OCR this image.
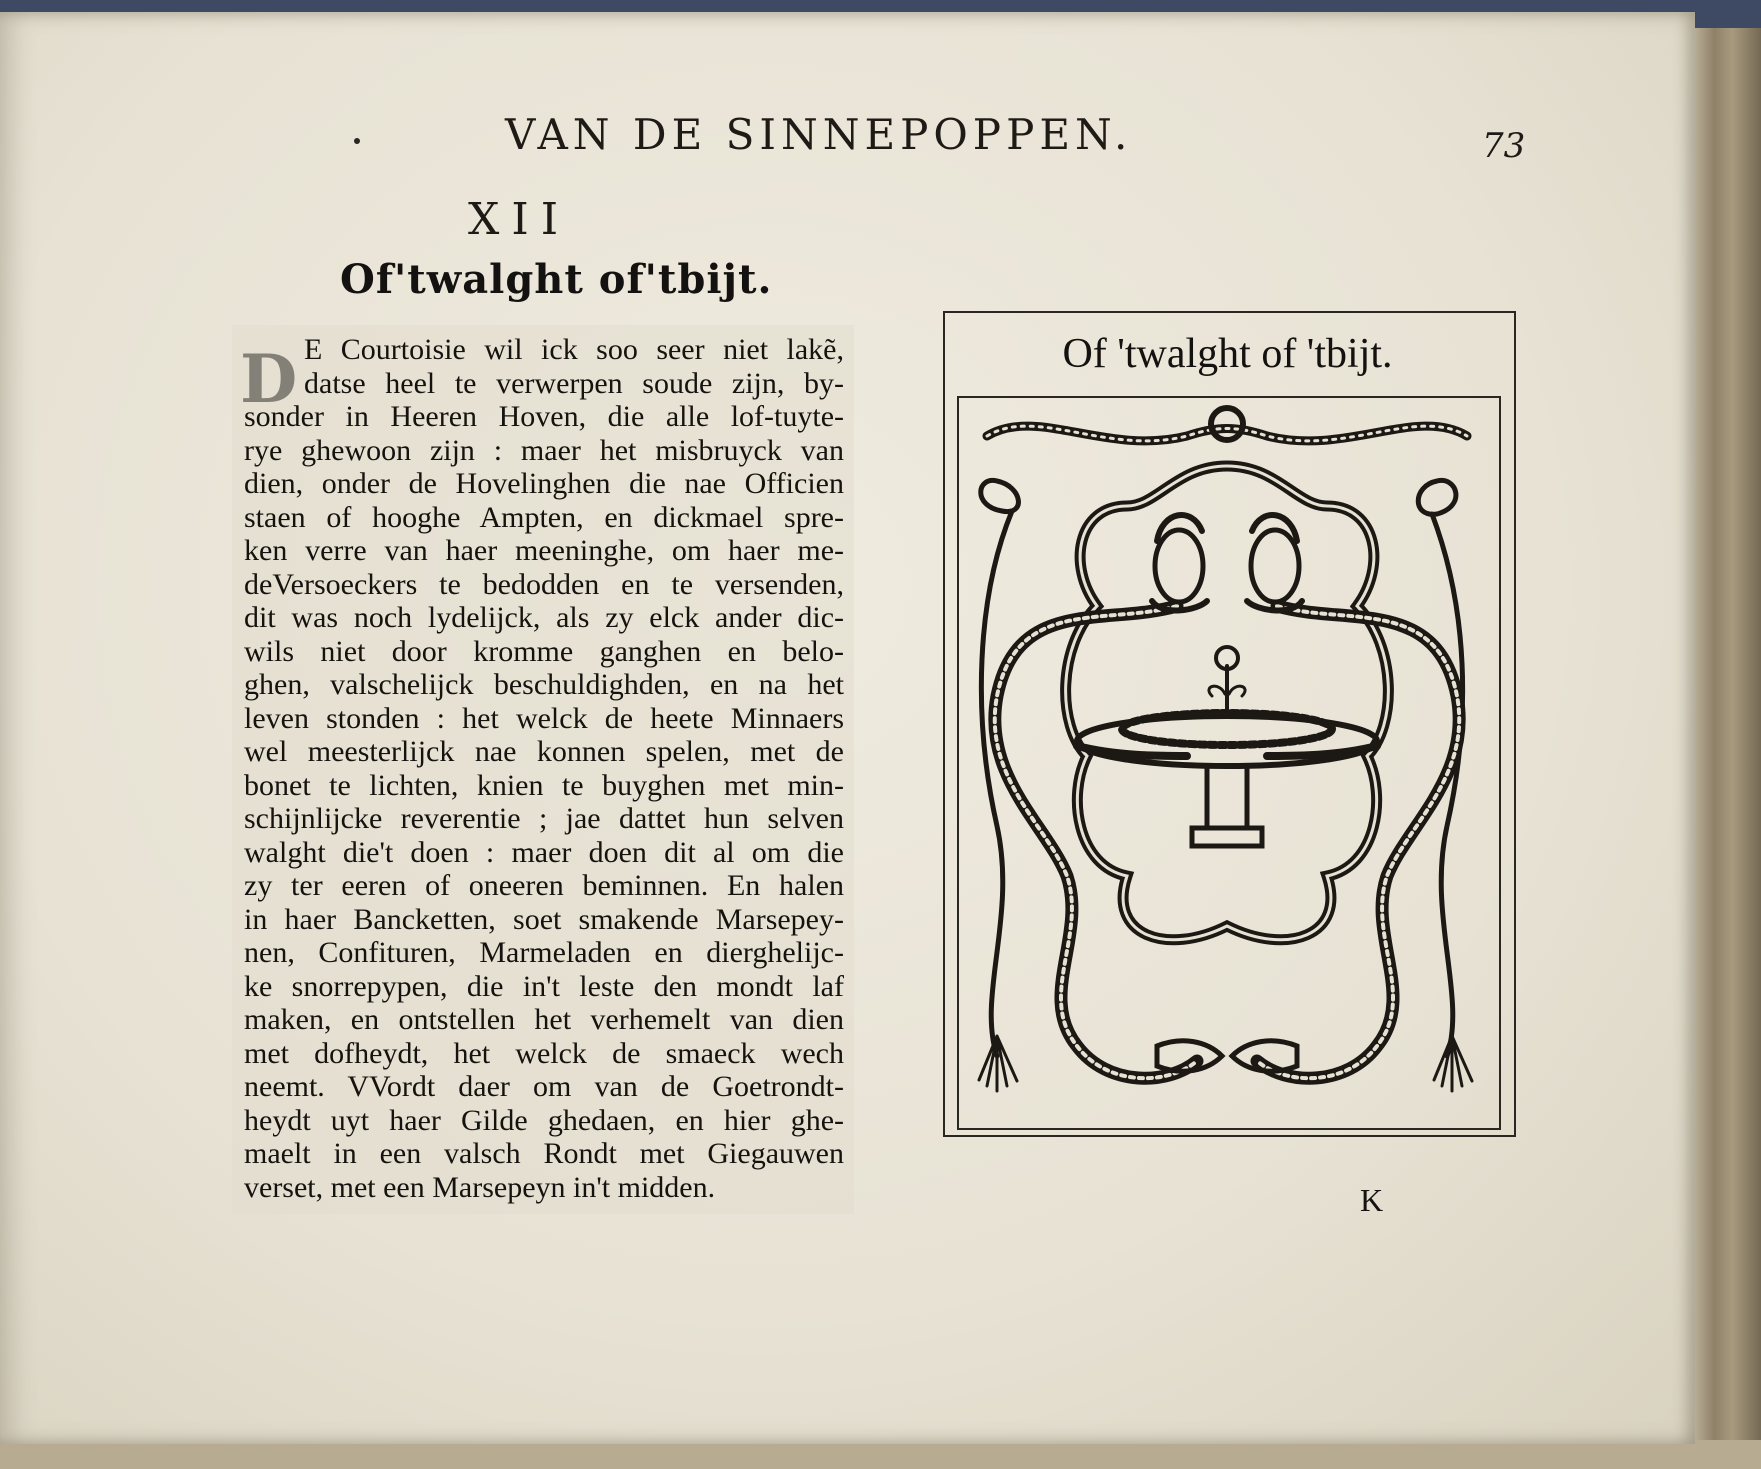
VAN DE SINNEPOPPEN.	73
XII
Of'twalght of'tbijt.
E Courtoisie wil ick soo seer niet lakẽ,
datse heel te verwerpen soude zijn, by-
sonder in Heeren Hoven, die alle lof-tuyte-
rye ghewoon zijn : maer het misbruyck van
dien, onder de Hovelinghen die nae Officien
staen of hooghe Ampten, en dickmael spre-
ken verre van haer meeninghe, om haer me-
deVersoeckers te bedodden en te versenden,
dit was noch lydelijck, als zy elck ander dic-
wils niet door kromme ganghen en belo-
ghen, valschelijck beschuldighden, en na het
leven stonden : het welck de heete Minnaers
wel meesterlijck nae konnen spelen, met de
bonet te lichten, knien te buyghen met min-
schijnlijcke reverentie ; jae dattet hun selven
walght die't doen : maer doen dit al om die
zy ter eeren of oneeren beminnen. En halen
in haer Bancketten, soet smakende Marsepey-
nen, Confituren, Marmeladen en dierghelijc-
ke snorrepypen, die in't leste den mondt laf
maken, en ontstellen het verhemelt van dien
met dofheydt, het welck de smaeck wech
neemt. VVordt daer om van de Goetrondt-
heydt uyt haer Gilde ghedaen, en hier ghe-
maelt in een valsch Rondt met Giegauwen
verset, met een Marsepeyn in't midden.
Of 'twalght of 'tbijt.
K
